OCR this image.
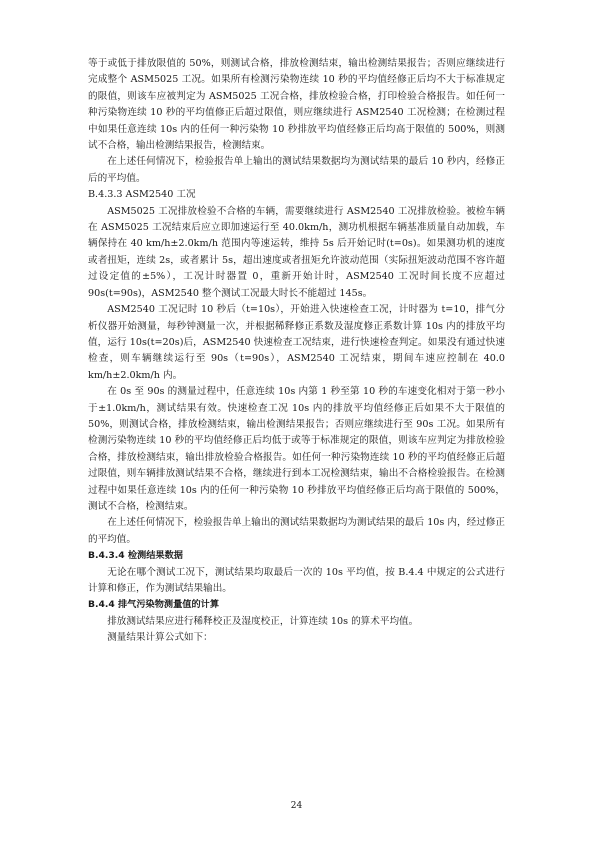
等于或低于排放限值的 50%，则测试合格，排放检测结束，输出检测结果报告；否则应继续进行完成整个 ASM5025 工况。如果所有检测污染物连续 10 秒的平均值经修正后均不大于标准规定的限值，则该车应被判定为 ASM5025 工况合格，排放检验合格，打印检验合格报告。如任何一种污染物连续 10 秒的平均值修正后超过限值，则应继续进行 ASM2540 工况检测；在检测过程中如果任意连续 10s 内的任何一种污染物 10 秒排放平均值经修正后均高于限值的 500%，则测试不合格，输出检测结果报告，检测结束。

在上述任何情况下，检验报告单上输出的测试结果数据均为测试结果的最后 10 秒内，经修正后的平均值。

B.4.3.3 ASM2540 工况

ASM5025 工况排放检验不合格的车辆，需要继续进行 ASM2540 工况排放检验。被检车辆在 ASM5025 工况结束后应立即加速运行至 40.0km/h，测功机根据车辆基准质量自动加载，车辆保持在 40 km/h±2.0km/h 范围内等速运转，维持 5s 后开始记时(t=0s)。如果测功机的速度或者扭矩，连续 2s，或者累计 5s，超出速度或者扭矩允许波动范围（实际扭矩波动范围不容许超过设定值的±5%），工况计时器置 0，重新开始计时，ASM2540 工况时间长度不应超过 90s(t=90s)，ASM2540 整个测试工况最大时长不能超过 145s。

ASM2540 工况记时 10 秒后（t=10s），开始进入快速检查工况，计时器为 t=10，排气分析仪器开始测量，每秒钟测量一次，并根据稀释修正系数及湿度修正系数计算 10s 内的排放平均值，运行 10s(t=20s)后，ASM2540 快速检查工况结束，进行快速检查判定。如果没有通过快速检查，则车辆继续运行至 90s（t=90s），ASM2540 工况结束，期间车速应控制在 40.0 km/h±2.0km/h 内。

在 0s 至 90s 的测量过程中，任意连续 10s 内第 1 秒至第 10 秒的车速变化相对于第一秒小于±1.0km/h，测试结果有效。快速检查工况 10s 内的排放平均值经修正后如果不大于限值的 50%，则测试合格，排放检测结束，输出检测结果报告；否则应继续进行至 90s 工况。如果所有检测污染物连续 10 秒的平均值经修正后均低于或等于标准规定的限值，则该车应判定为排放检验合格，排放检测结束，输出排放检验合格报告。如任何一种污染物连续 10 秒的平均值经修正后超过限值，则车辆排放测试结果不合格，继续进行到本工况检测结束，输出不合格检验报告。在检测过程中如果任意连续 10s 内的任何一种污染物 10 秒排放平均值经修正后均高于限值的 500%，测试不合格，检测结束。

在上述任何情况下，检验报告单上输出的测试结果数据均为测试结果的最后 10s 内，经过修正的平均值。

B.4.3.4 检测结果数据

无论在哪个测试工况下，测试结果均取最后一次的 10s 平均值，按 B.4.4 中规定的公式进行计算和修正，作为测试结果输出。

B.4.4 排气污染物测量值的计算

排放测试结果应进行稀释校正及湿度校正，计算连续 10s 的算术平均值。

测量结果计算公式如下：

24
